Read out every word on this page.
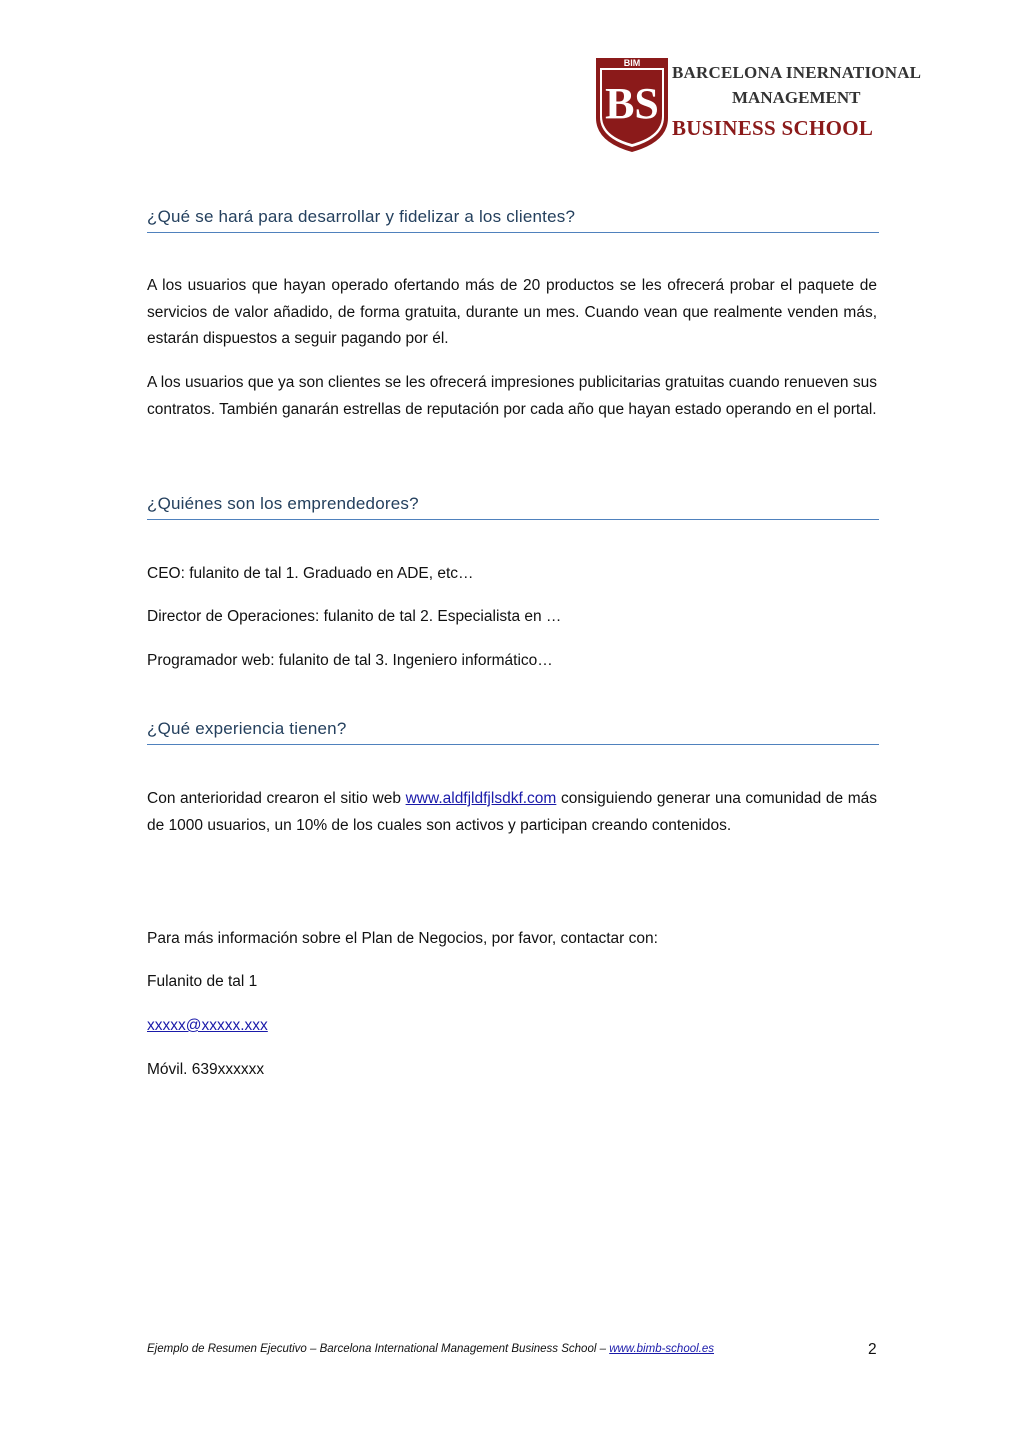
BIM
BS
BARCELONA INERNATIONAL
MANAGEMENT
BUSINESS SCHOOL
¿Qué se hará para desarrollar y fidelizar a los clientes?
A los usuarios que hayan operado ofertando más de 20 productos se les ofrecerá probar el paquete de servicios de valor añadido, de forma gratuita, durante un mes. Cuando vean que realmente venden más, estarán dispuestos a seguir pagando por él.
A los usuarios que ya son clientes se les ofrecerá impresiones publicitarias gratuitas cuando renueven sus contratos. También ganarán estrellas de reputación por cada año que hayan estado operando en el portal.
¿Quiénes son los emprendedores?
CEO: fulanito de tal 1. Graduado en ADE, etc…
Director de Operaciones: fulanito de tal 2. Especialista en …
Programador web: fulanito de tal 3. Ingeniero informático…
¿Qué experiencia tienen?
Con anterioridad crearon el sitio web www.aldfjldfjlsdkf.com consiguiendo generar una comunidad de más de 1000 usuarios, un 10% de los cuales son activos y participan creando contenidos.
Para más información sobre el Plan de Negocios, por favor, contactar con:
Fulanito de tal 1
xxxxx@xxxxx.xxx
Móvil. 639xxxxxx
Ejemplo de Resumen Ejecutivo – Barcelona International Management Business School – www.bimb-school.es	2
